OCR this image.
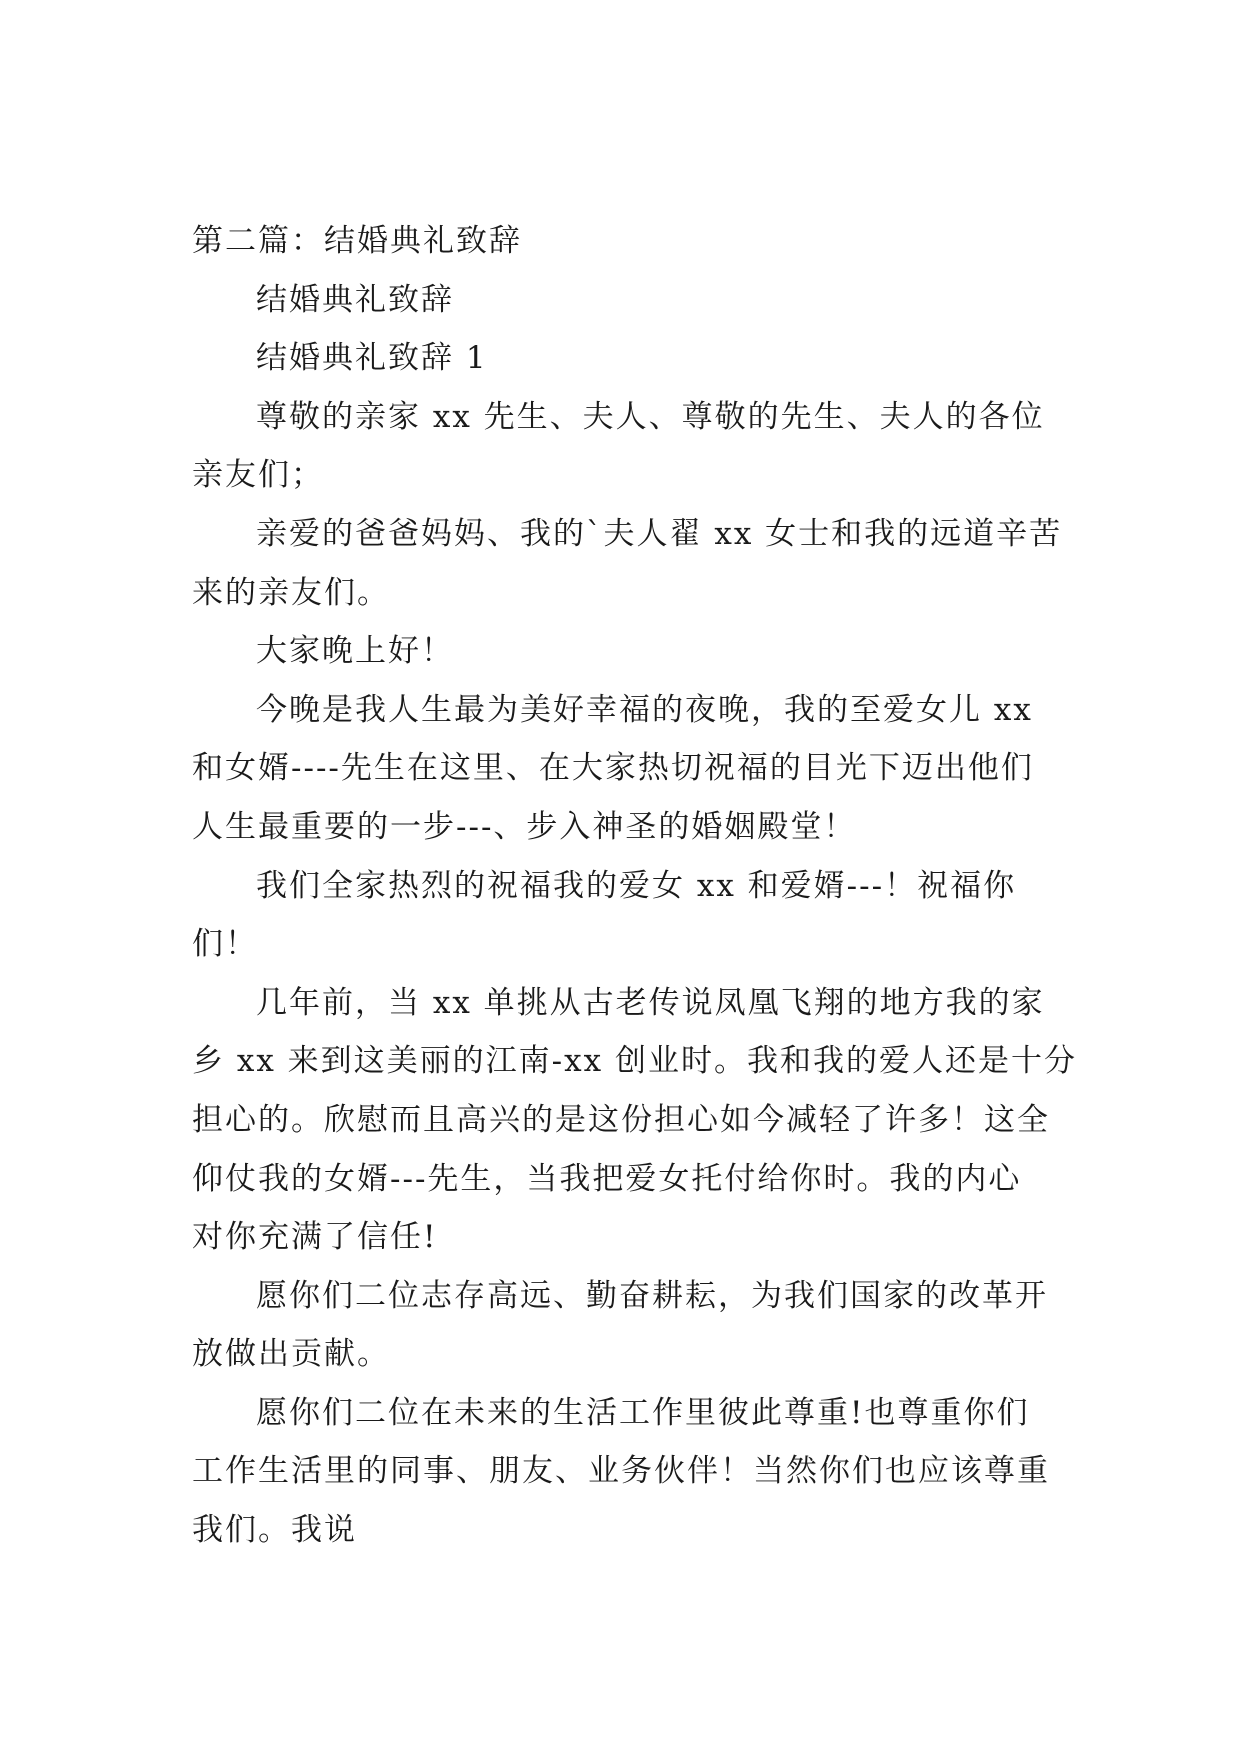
第二篇：结婚典礼致辞
结婚典礼致辞
结婚典礼致辞 1
尊敬的亲家 xx 先生、夫人、尊敬的先生、夫人的各位
亲友们；
亲爱的爸爸妈妈、我的`夫人翟 xx 女士和我的远道辛苦
来的亲友们。
大家晚上好！
今晚是我人生最为美好幸福的夜晚，我的至爱女儿 xx
和女婿----先生在这里、在大家热切祝福的目光下迈出他们
人生最重要的一步---、步入神圣的婚姻殿堂！
我们全家热烈的祝福我的爱女 xx 和爱婿---！祝福你
们！
几年前，当 xx 单挑从古老传说凤凰飞翔的地方我的家
乡 xx 来到这美丽的江南-xx 创业时。我和我的爱人还是十分
担心的。欣慰而且高兴的是这份担心如今减轻了许多！这全
仰仗我的女婿---先生，当我把爱女托付给你时。我的内心
对你充满了信任!
愿你们二位志存高远、勤奋耕耘，为我们国家的改革开
放做出贡献。
愿你们二位在未来的生活工作里彼此尊重!也尊重你们
工作生活里的同事、朋友、业务伙伴！当然你们也应该尊重
我们。我说
